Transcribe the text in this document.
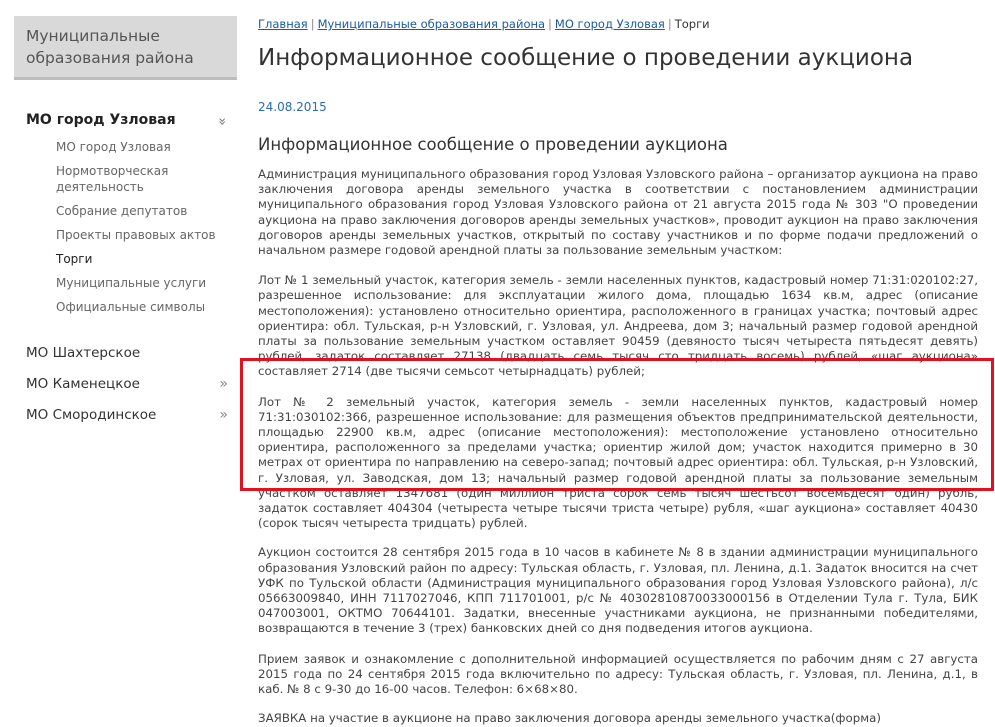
Муниципальные образования района
МО город Узловая	»
МО город Узловая
Нормотворческая деятельность
Собрание депутатов
Проекты правовых актов
Торги
Муниципальные услуги
Официальные символы
МО Шахтерское
МО Каменецкое	»
МО Смородинское	»
Главная | Муниципальные образования района | МО город Узловая | Торги
Информационное сообщение о проведении аукциона
24.08.2015
Информационное сообщение о проведении аукциона

Администрация муниципального образования город Узловая Узловского района – организатор аукциона на право заключения договора аренды земельного участка в соответствии с постановлением администрации муниципального образования город Узловая Узловского района от 21 августа 2015 года № 303 "О проведении аукциона на право заключения договоров аренды земельных участков», проводит аукцион на право заключения договоров аренды земельных участков, открытый по составу участников и по форме подачи предложений о начальном размере годовой арендной платы за пользование земельным участком:

Лот № 1 земельный участок, категория земель - земли населенных пунктов, кадастровый номер 71:31:020102:27, разрешенное использование: для эксплуатации жилого дома, площадью 1634 кв.м, адрес (описание местоположения): установлено относительно ориентира, расположенного в границах участка; почтовый адрес ориентира: обл. Тульская, р-н Узловский, г. Узловая, ул. Андреева, дом 3; начальный размер годовой арендной платы за пользование земельным участком оставляет 90459 (девяносто тысяч четыреста пятьдесят девять) рублей, задаток составляет 27138 (двадцать семь тысяч сто тридцать восемь) рублей, «шаг аукциона» составляет 2714 (две тысячи семьсот четырнадцать) рублей;

Лот № 2 земельный участок, категория земель - земли населенных пунктов, кадастровый номер 71:31:030102:366, разрешенное использование: для размещения объектов предпринимательской деятельности, площадью 22900 кв.м, адрес (описание местоположения): местоположение установлено относительно ориентира, расположенного за пределами участка; ориентир жилой дом; участок находится примерно в 30 метрах от ориентира по направлению на северо-запад; почтовый адрес ориентира: обл. Тульская, р-н Узловский, г. Узловая, ул. Заводская, дом 13; начальный размер годовой арендной платы за пользование земельным участком оставляет 1347681 (один миллион триста сорок семь тысяч шестьсот восемьдесят один) рубль, задаток составляет 404304 (четыреста четыре тысячи триста четыре) рубля, «шаг аукциона» составляет 40430 (сорок тысяч четыреста тридцать) рублей.

Аукцион состоится 28 сентября 2015 года в 10 часов в кабинете № 8 в здании администрации муниципального образования Узловский район по адресу: Тульская область, г. Узловая, пл. Ленина, д.1. Задаток вносится на счет УФК по Тульской области (Администрация муниципального образования город Узловая Узловского района), л/с 05663009840, ИНН 7117027046, КПП 711701001, р/с № 40302810870033000156 в Отделении Тула г. Тула, БИК 047003001, ОКТМО 70644101. Задатки, внесенные участниками аукциона, не признанными победителями, возвращаются в течение 3 (трех) банковских дней со дня подведения итогов аукциона.

Прием заявок и ознакомление с дополнительной информацией осуществляется по рабочим дням с 27 августа 2015 года по 24 сентября 2015 года включительно по адресу: Тульская область, г. Узловая, пл. Ленина, д.1, в каб. № 8 с 9-30 до 16-00 часов. Телефон: 6×68×80.

ЗАЯВКА на участие в аукционе на право заключения договора аренды земельного участка(форма)
